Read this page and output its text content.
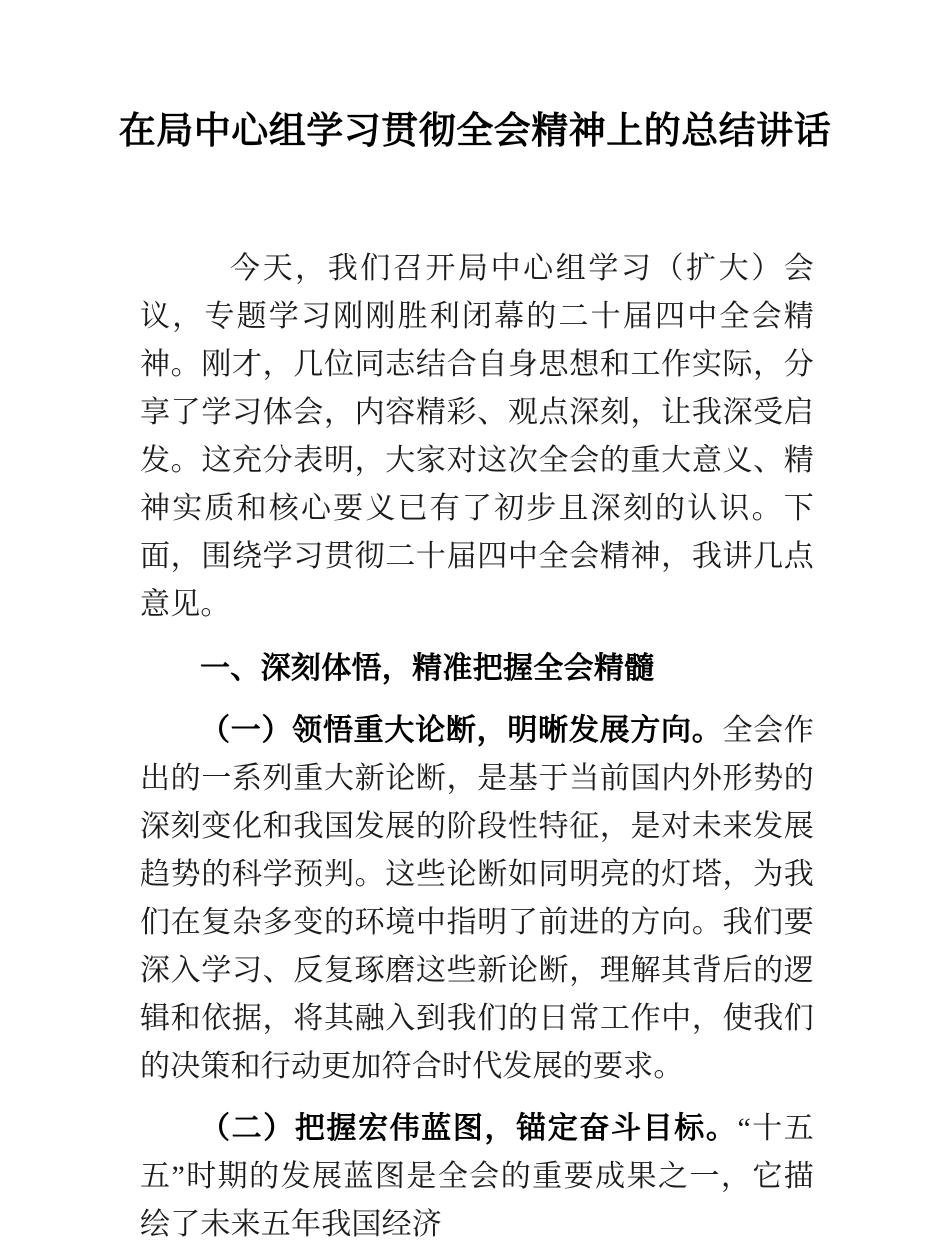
在局中心组学习贯彻全会精神上的总结讲话

今天，我们召开局中心组学习（扩大）会议，专题学习刚刚胜利闭幕的二十届四中全会精神。刚才，几位同志结合自身思想和工作实际，分享了学习体会，内容精彩、观点深刻，让我深受启发。这充分表明，大家对这次全会的重大意义、精神实质和核心要义已有了初步且深刻的认识。下面，围绕学习贯彻二十届四中全会精神，我讲几点意见。

一、深刻体悟，精准把握全会精髓

（一）领悟重大论断，明晰发展方向。全会作出的一系列重大新论断，是基于当前国内外形势的深刻变化和我国发展的阶段性特征，是对未来发展趋势的科学预判。这些论断如同明亮的灯塔，为我们在复杂多变的环境中指明了前进的方向。我们要深入学习、反复琢磨这些新论断，理解其背后的逻辑和依据，将其融入到我们的日常工作中，使我们的决策和行动更加符合时代发展的要求。

（二）把握宏伟蓝图，锚定奋斗目标。“十五五”时期的发展蓝图是全会的重要成果之一，它描绘了未来五年我国经济
